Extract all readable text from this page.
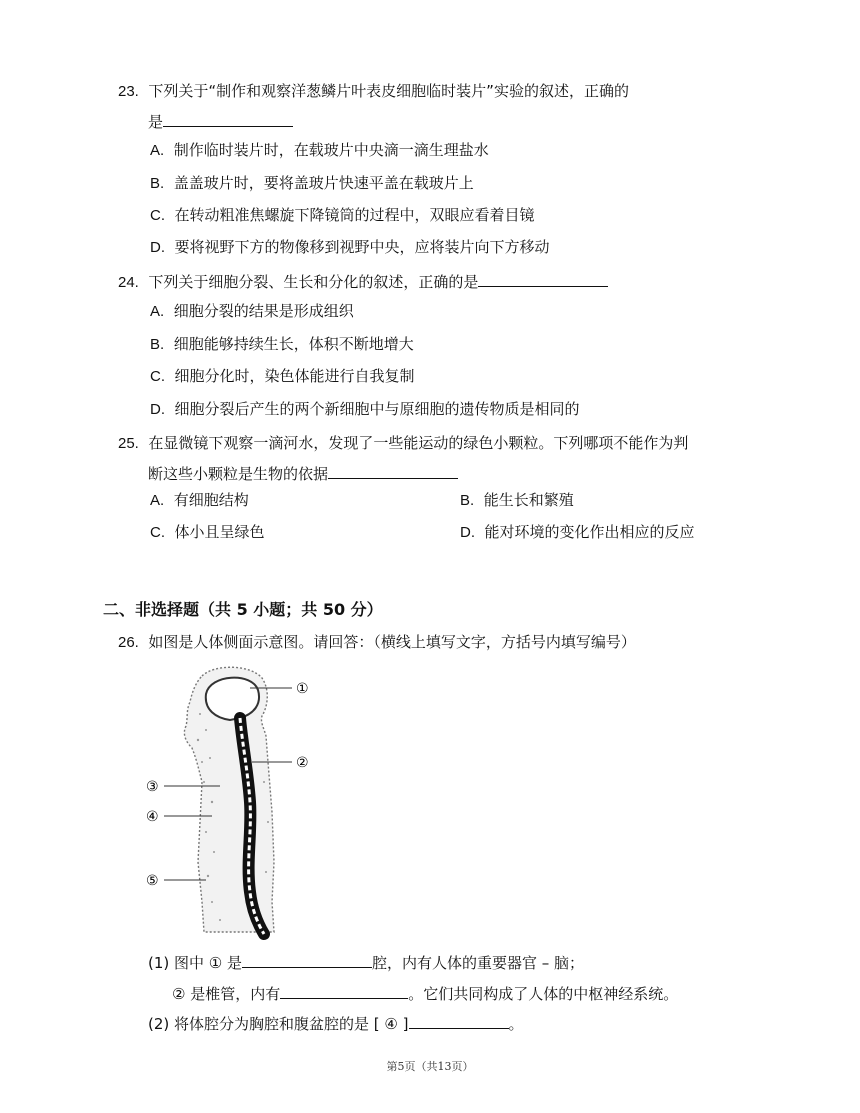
23. 下列关于“制作和观察洋葱鳞片叶表皮细胞临时装片”实验的叙述，正确的
是
A. 制作临时装片时，在载玻片中央滴一滴生理盐水
B. 盖盖玻片时，要将盖玻片快速平盖在载玻片上
C. 在转动粗准焦螺旋下降镜筒的过程中，双眼应看着目镜
D. 要将视野下方的物像移到视野中央，应将装片向下方移动
24. 下列关于细胞分裂、生长和分化的叙述，正确的是
A. 细胞分裂的结果是形成组织
B. 细胞能够持续生长，体积不断地增大
C. 细胞分化时，染色体能进行自我复制
D. 细胞分裂后产生的两个新细胞中与原细胞的遗传物质是相同的
25. 在显微镜下观察一滴河水，发现了一些能运动的绿色小颗粒。下列哪项不能作为判
断这些小颗粒是生物的依据
A. 有细胞结构	B. 能生长和繁殖
C. 体小且呈绿色	D. 能对环境的变化作出相应的反应
二、非选择题（共 5 小题；共 50 分）
26. 如图是人体侧面示意图。请回答：（横线上填写文字，方括号内填写编号）
①
②
③
④
⑤
(1) 图中 ① 是	腔，内有人体的重要器官 – 脑；
② 是椎管，内有	。它们共同构成了人体的中枢神经系统。
(2) 将体腔分为胸腔和腹盆腔的是 [ ④ ]	。
第5页（共13页）
